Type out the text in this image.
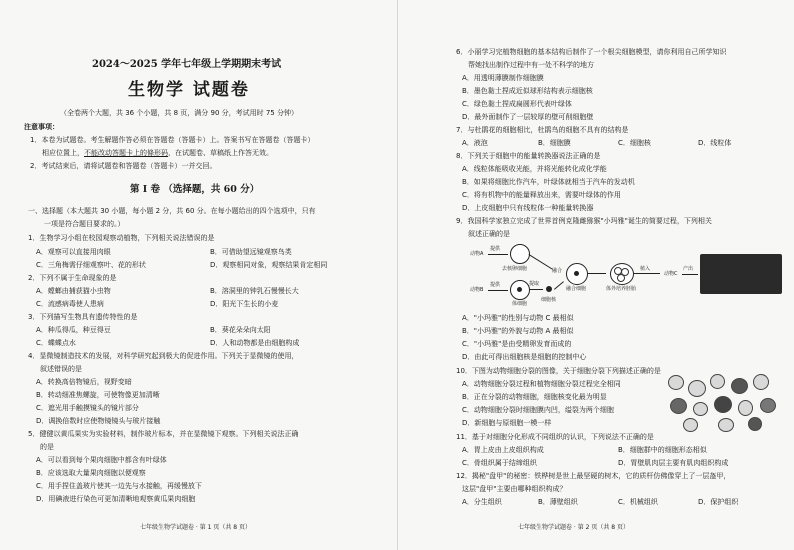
2024～2025 学年七年级上学期期末考试
生物学 试题卷
（全卷两个大题，共 36 个小题，共 8 页，满分 90 分，考试用时 75 分钟）
注意事项：
1．本卷为试题卷。考生解题作答必须在答题卷（答题卡）上。答案书写在答题卷（答题卡）
相应位置上，不能改动答题卡上的條形码，在试题卷、草稿纸上作答无效。
2．考试结束后，请将试题卷和答题卷（答题卡）一并交回。
第 Ⅰ 卷 （选择题，共 60 分）
一、选择题（本大题共 30 小题，每小题 2 分，共 60 分。在每小题给出的四个选项中，只有
一项是符合题目要求的。）
1．生物学习小组在校园观察动植物，下列相关说法错误的是
A．观察可以直接用肉眼	B．可借助望远镜观察鸟类
C．三角梅需仔细观察叶、花的形状	D．观察相同对象，观察结果肯定相同
2．下列不属于生命现象的是
A．螳螂由捕获猫小虫物	B．溶洞里的钟乳石慢慢长大
C．流感病毒使人患病	D．阳光下生长的小麦
3．下列描写生物具有遗传特性的是
A．种瓜得瓜，种豆得豆	B．葵花朵朵向太阳
C．蝶蝶点水	D．人和动物都是由细胞构成
4．显微镜制造技术的发展，对科学研究起到极大的促进作用。下列关于显微镜的使用，
叙述错误的是
A．转换高倍物镜后，视野变暗
B．转动细准焦螺旋，可使物像更加清晰
C．遮光用手触摸镜头的镜片部分
D．调换倍数时应使物镜镜头与玻片接触
5．健健以黄瓜果实为实验材料，制作玻片标本，并在显微镜下观察。下列相关说法正确
的是
A．可以看到每个果肉细胞中都含有叶绿体
B．应该选取大量果肉细胞以便观察
C．用手捏住盖玻片使其一边先与水接触，再缓慢放下
D．用碘液进行染色可更加清晰地观察黄瓜果肉细胞
七年级生物学试题卷 · 第 1 页（共 8 页）
6．小丽学习完植物细胞的基本结构后制作了一个根尖细胞模型，请你利用自己所学知识
帮她找出制作过程中有一处不科学的地方
A．用透明薄膜制作细胞膜
B．墨色黏土捏成近似球形结构表示细胞核
C．绿色黏土捏成扁圆形代表叶绿体
D．最外面制作了一层较厚的壁可削细胞壁
7．与杜鹃花的细胞相比，杜鹃鸟的细胞不具有的结构是
A．液泡	B．细胞膜	C．细胞核	D．线粒体
8．下列关于细胞中的能量转换器说法正确的是
A．线粒体能吸收光能，并将光能转化成化学能
B．如果将细胞比作汽车，叶绿体就相当于汽车的发动机
C．将有机物中的能量释放出来，需要叶绿体的作用
D．上皮细胞中只有线粒体一种能量转换器
9．我国科学家独立完成了世界首例克隆雌猕猴"小玛雅"诞生的简要过程，下列相关
叙述正确的是
动物A
提供
去核卵细胞
动物B
提供
体细胞
提取
细胞核
融合
融合细胞	体外培养胚胎
植入
动物C
产出
A．"小玛雅"的性别与动物 C 最相似
B．"小玛雅"的外貌与动物 A 最相似
C．"小玛雅"是由受精卵发育而成的
D．由此可得出细胞核是细胞的控制中心
10．下图为动物细胞分裂的图像，关于细胞分裂下列描述正确的是
A．动物细胞分裂过程和植物细胞分裂过程完全相同
B．正在分裂的动物细胞，细胞核变化最为明显
C．动物细胞分裂时细胞膜内凹，缢裂为两个细胞
D．新细胞与原细胞一模一样
11．基于对细胞分化形成不同组织的认识，下列说法不正确的是
A．胃上皮由上皮组织构成	B．细胞群中的细胞形态相似
C．骨组织属于结缔组织	D．胃壁肌肉层主要有肌肉组织构成
12．揭秘"盘甲"的秘密：铁桦树是世上最坚硬的树木，它的质杆仿佛像穿上了一层盔甲，
这层"盘甲"主要由哪种组织构成？
A．分生组织	B．薄壁组织	C．机械组织	D．保护组织
七年级生物学试题卷 · 第 2 页（共 8 页）
